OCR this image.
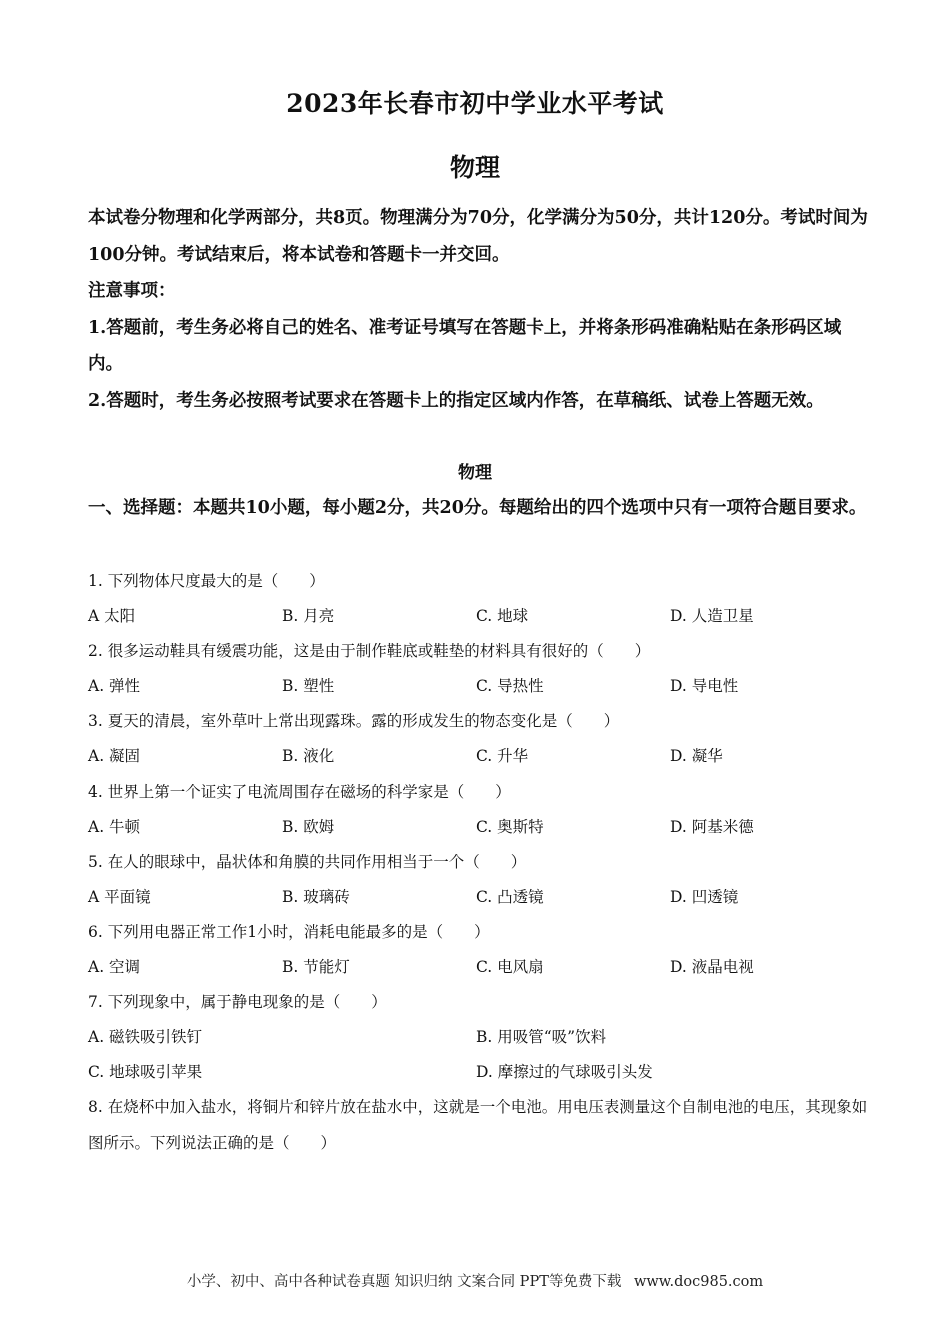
2023年长春市初中学业水平考试
物理

本试卷分物理和化学两部分，共8页。物理满分为70分，化学满分为50分，共计120分。考试时间为100分钟。考试结束后，将本试卷和答题卡一并交回。

注意事项：

1.答题前，考生务必将自己的姓名、准考证号填写在答题卡上，并将条形码准确粘贴在条形码区域内。

2.答题时，考生务必按照考试要求在答题卡上的指定区域内作答，在草稿纸、试卷上答题无效。

物理
一、选择题：本题共10小题，每小题2分，共20分。每题给出的四个选项中只有一项符合题目要求。
1. 下列物体尺度最大的是（　　）
A 太阳	B. 月亮	C. 地球	D. 人造卫星
2. 很多运动鞋具有缓震功能，这是由于制作鞋底或鞋垫的材料具有很好的（　　）
A. 弹性	B. 塑性	C. 导热性	D. 导电性
3. 夏天的清晨，室外草叶上常出现露珠。露的形成发生的物态变化是（　　）
A. 凝固	B. 液化	C. 升华	D. 凝华
4. 世界上第一个证实了电流周围存在磁场的科学家是（　　）
A. 牛顿	B. 欧姆	C. 奥斯特	D. 阿基米德
5. 在人的眼球中，晶状体和角膜的共同作用相当于一个（　　）
A 平面镜	B. 玻璃砖	C. 凸透镜	D. 凹透镜
6. 下列用电器正常工作1小时，消耗电能最多的是（　　）
A. 空调	B. 节能灯	C. 电风扇	D. 液晶电视
7. 下列现象中，属于静电现象的是（　　）
A. 磁铁吸引铁钉	B. 用吸管“吸”饮料
C. 地球吸引苹果	D. 摩擦过的气球吸引头发
8. 在烧杯中加入盐水，将铜片和锌片放在盐水中，这就是一个电池。用电压表测量这个自制电池的电压，其现象如图所示。下列说法正确的是（　　）
小学、初中、高中各种试卷真题 知识归纳 文案合同 PPT等免费下载 www.doc985.com
